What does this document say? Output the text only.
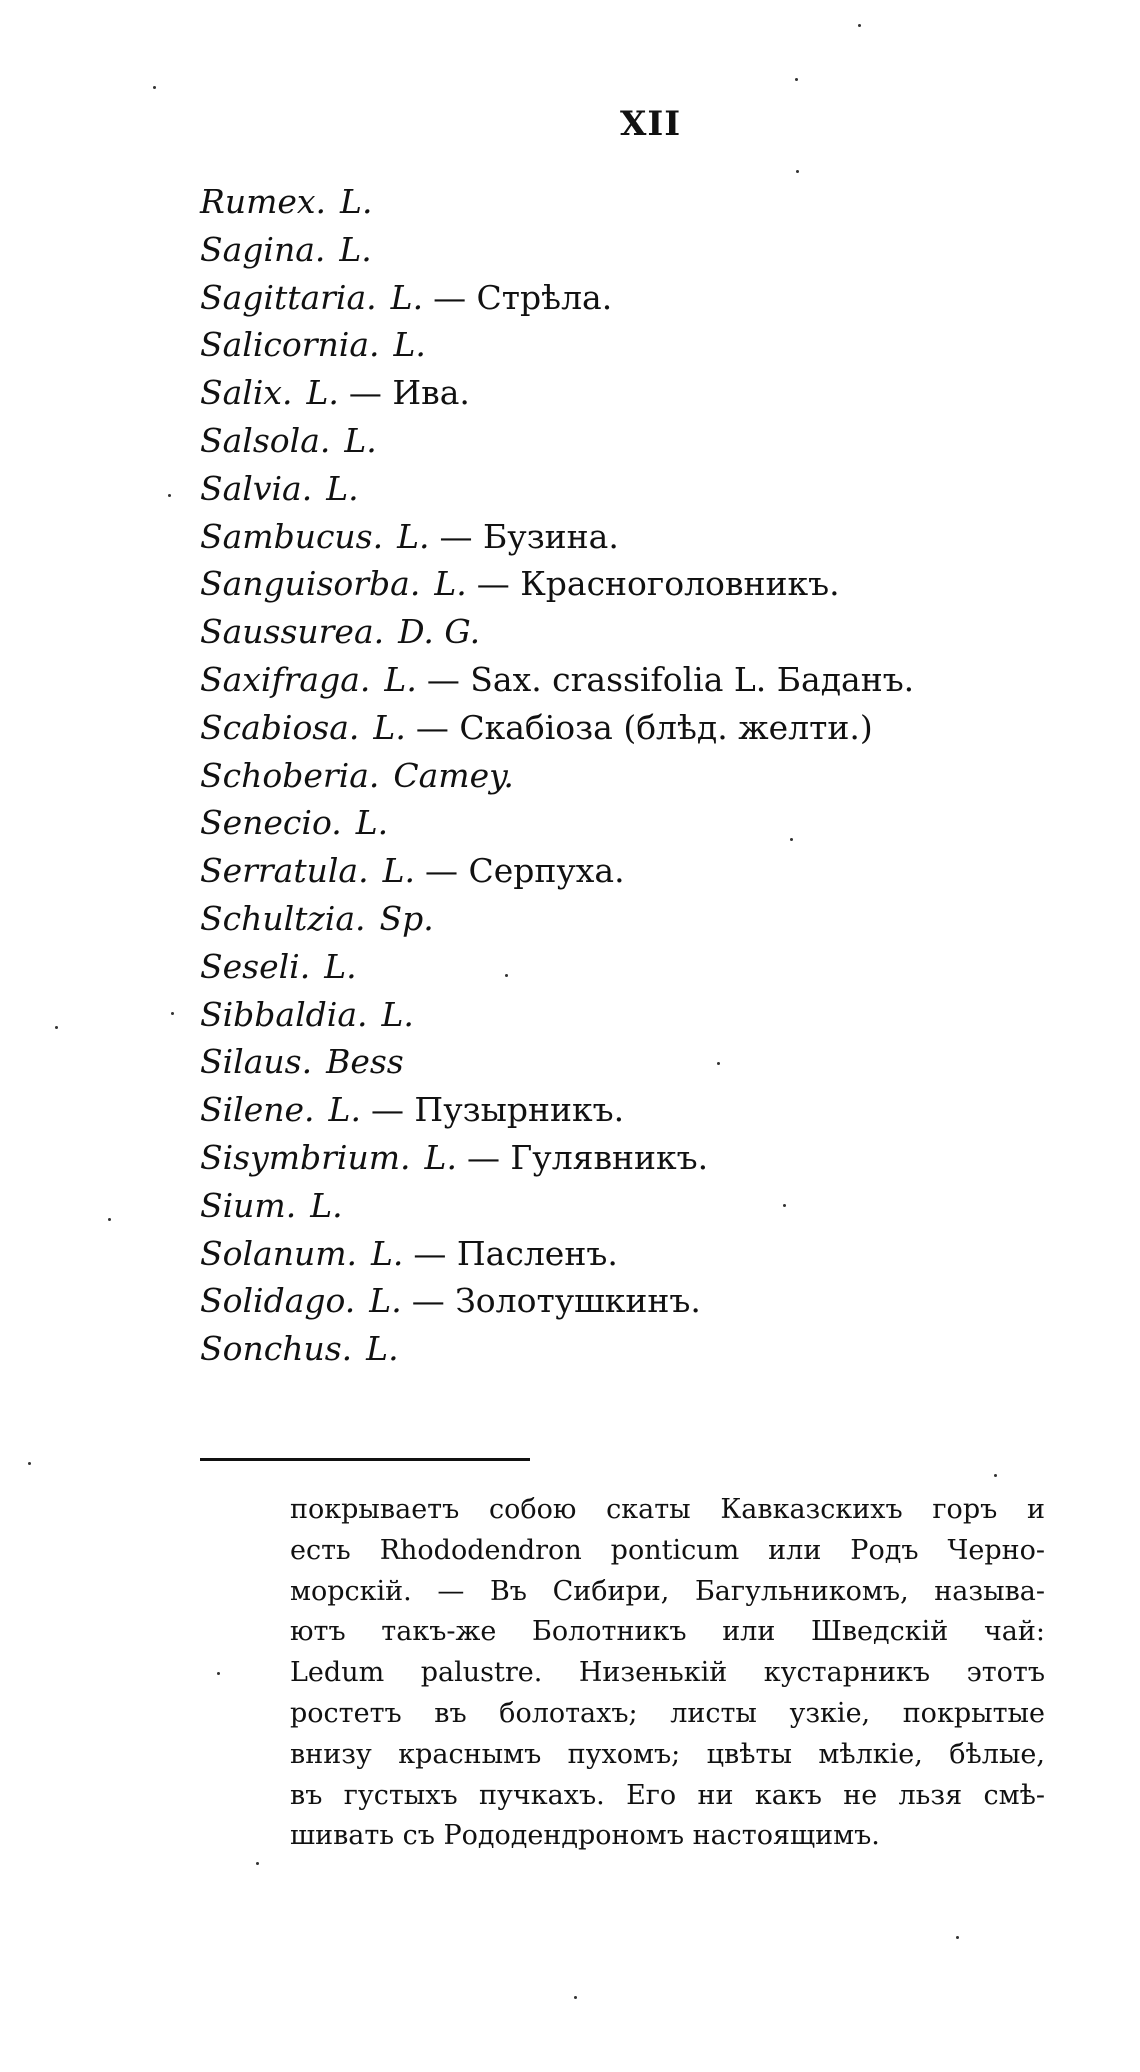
XII
Rumex. L.
Sagina. L.
Sagittaria. L. — Стрѣла.
Salicornia. L.
Salix. L. — Ива.
Salsola. L.
Salvia. L.
Sambucus. L. — Бузина.
Sanguisorba. L. — Красноголовникъ.
Saussurea. D. G.
Saxifraga. L. — Sax. crassifolia L. Баданъ.
Scabiosa. L. — Скабіоза (блѣд. желти.)
Schoberia. Camey.
Senecio. L.
Serratula. L. — Серпуха.
Schultzia. Sp.
Seseli. L.
Sibbaldia. L.
Silaus. Bess
Silene. L. — Пузырникъ.
Sisymbrium. L. — Гулявникъ.
Sium. L.
Solanum. L. — Пасленъ.
Solidago. L. — Золотушкинъ.
Sonchus. L.
покрываетъ собою скаты Кавказскихъ горъ и
есть Rhododendron ponticum или Родъ Черно-
морскій. — Въ Сибири, Багульникомъ, называ-
ютъ такъ-же Болотникъ или Шведскій чай:
Ledum palustre. Низенькій кустарникъ этотъ
ростетъ въ болотахъ; листы узкіе, покрытые
внизу краснымъ пухомъ; цвѣты мѣлкіе, бѣлые,
въ густыхъ пучкахъ. Его ни какъ не льзя смѣ-
шивать съ Рододендрономъ настоящимъ.
